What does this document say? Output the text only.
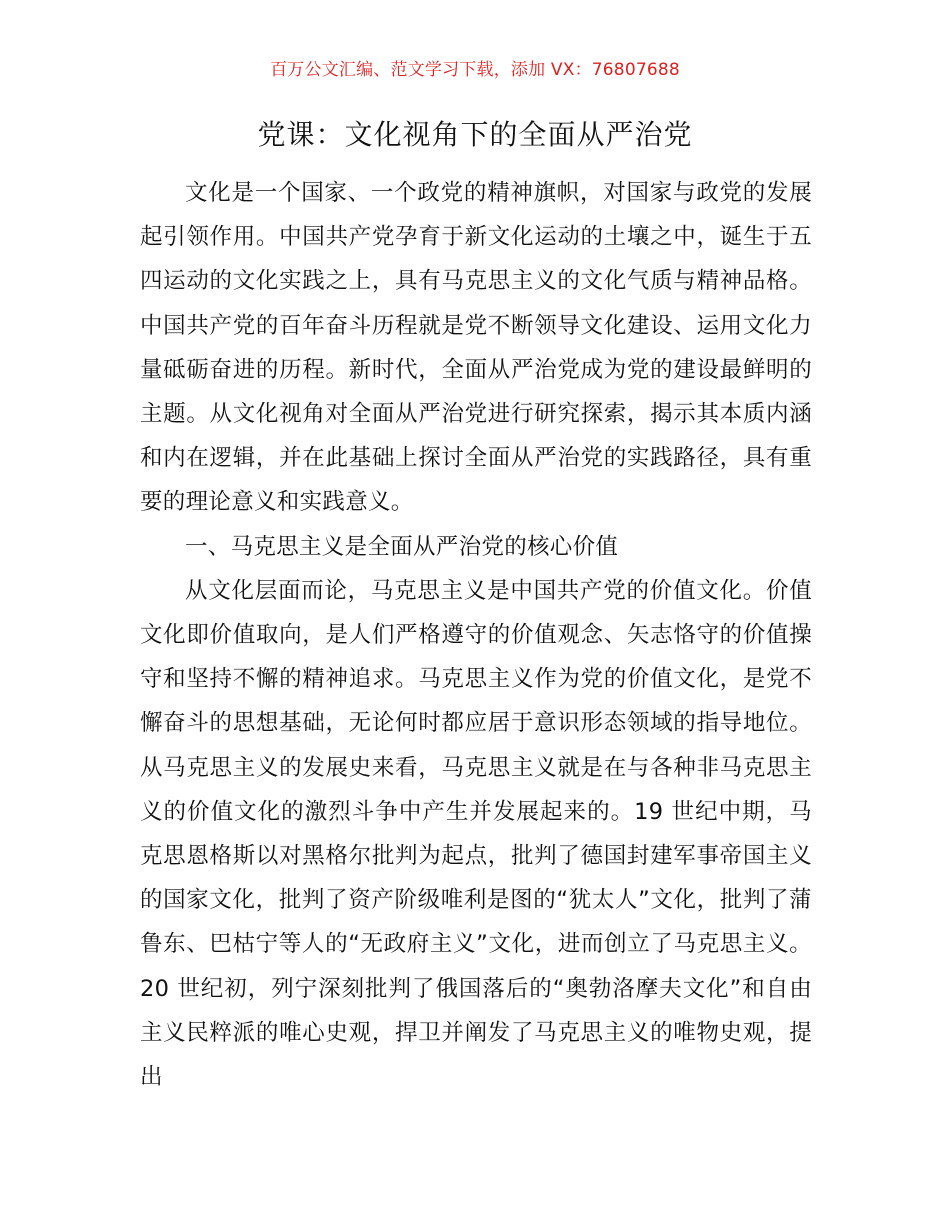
百万公文汇编、范文学习下载，添加 VX：76807688
党课：文化视角下的全面从严治党

文化是一个国家、一个政党的精神旗帜，对国家与政党的发展起引领作用。中国共产党孕育于新文化运动的土壤之中，诞生于五四运动的文化实践之上，具有马克思主义的文化气质与精神品格。中国共产党的百年奋斗历程就是党不断领导文化建设、运用文化力量砥砺奋进的历程。新时代，全面从严治党成为党的建设最鲜明的主题。从文化视角对全面从严治党进行研究探索，揭示其本质内涵和内在逻辑，并在此基础上探讨全面从严治党的实践路径，具有重要的理论意义和实践意义。

一、马克思主义是全面从严治党的核心价值

从文化层面而论，马克思主义是中国共产党的价值文化。价值文化即价值取向，是人们严格遵守的价值观念、矢志恪守的价值操守和坚持不懈的精神追求。马克思主义作为党的价值文化，是党不懈奋斗的思想基础，无论何时都应居于意识形态领域的指导地位。从马克思主义的发展史来看，马克思主义就是在与各种非马克思主义的价值文化的激烈斗争中产生并发展起来的。19 世纪中期，马克思恩格斯以对黑格尔批判为起点，批判了德国封建军事帝国主义的国家文化，批判了资产阶级唯利是图的“犹太人”文化，批判了蒲鲁东、巴枯宁等人的“无政府主义”文化，进而创立了马克思主义。20 世纪初，列宁深刻批判了俄国落后的“奥勃洛摩夫文化”和自由主义民粹派的唯心史观，捍卫并阐发了马克思主义的唯物史观，提出
